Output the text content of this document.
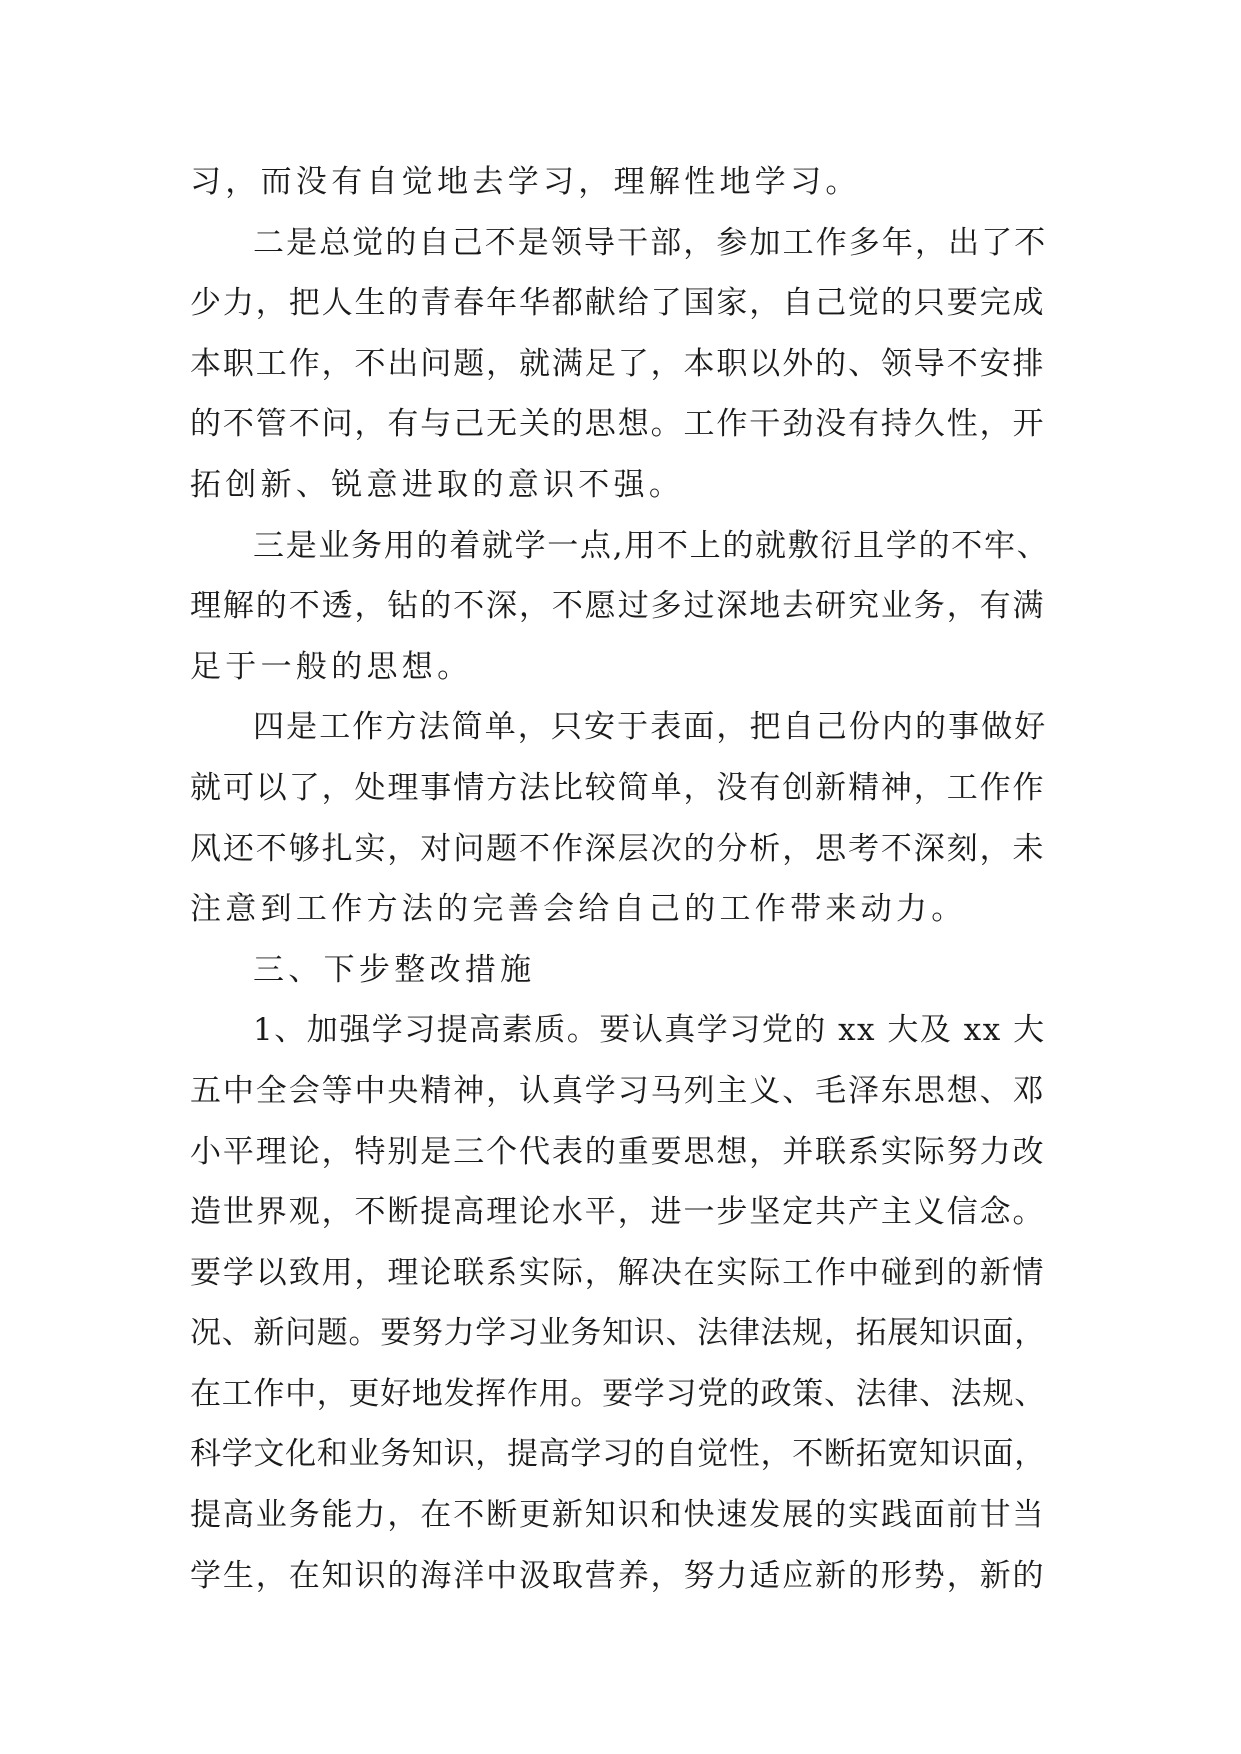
习，而没有自觉地去学习，理解性地学习。
二是总觉的自己不是领导干部，参加工作多年，出了不
少力，把人生的青春年华都献给了国家，自己觉的只要完成
本职工作，不出问题，就满足了，本职以外的、领导不安排
的不管不问，有与己无关的思想。工作干劲没有持久性，开
拓创新、锐意进取的意识不强。
三是业务用的着就学一点,用不上的就敷衍且学的不牢、
理解的不透，钻的不深，不愿过多过深地去研究业务，有满
足于一般的思想。
四是工作方法简单，只安于表面，把自己份内的事做好
就可以了，处理事情方法比较简单，没有创新精神，工作作
风还不够扎实，对问题不作深层次的分析，思考不深刻，未
注意到工作方法的完善会给自己的工作带来动力。
三、下步整改措施
1、加强学习提高素质。要认真学习党的 xx 大及 xx 大
五中全会等中央精神，认真学习马列主义、毛泽东思想、邓
小平理论，特别是三个代表的重要思想，并联系实际努力改
造世界观，不断提高理论水平，进一步坚定共产主义信念。
要学以致用，理论联系实际，解决在实际工作中碰到的新情
况、新问题。要努力学习业务知识、法律法规，拓展知识面，
在工作中，更好地发挥作用。要学习党的政策、法律、法规、
科学文化和业务知识，提高学习的自觉性，不断拓宽知识面，
提高业务能力，在不断更新知识和快速发展的实践面前甘当
学生，在知识的海洋中汲取营养，努力适应新的形势，新的
